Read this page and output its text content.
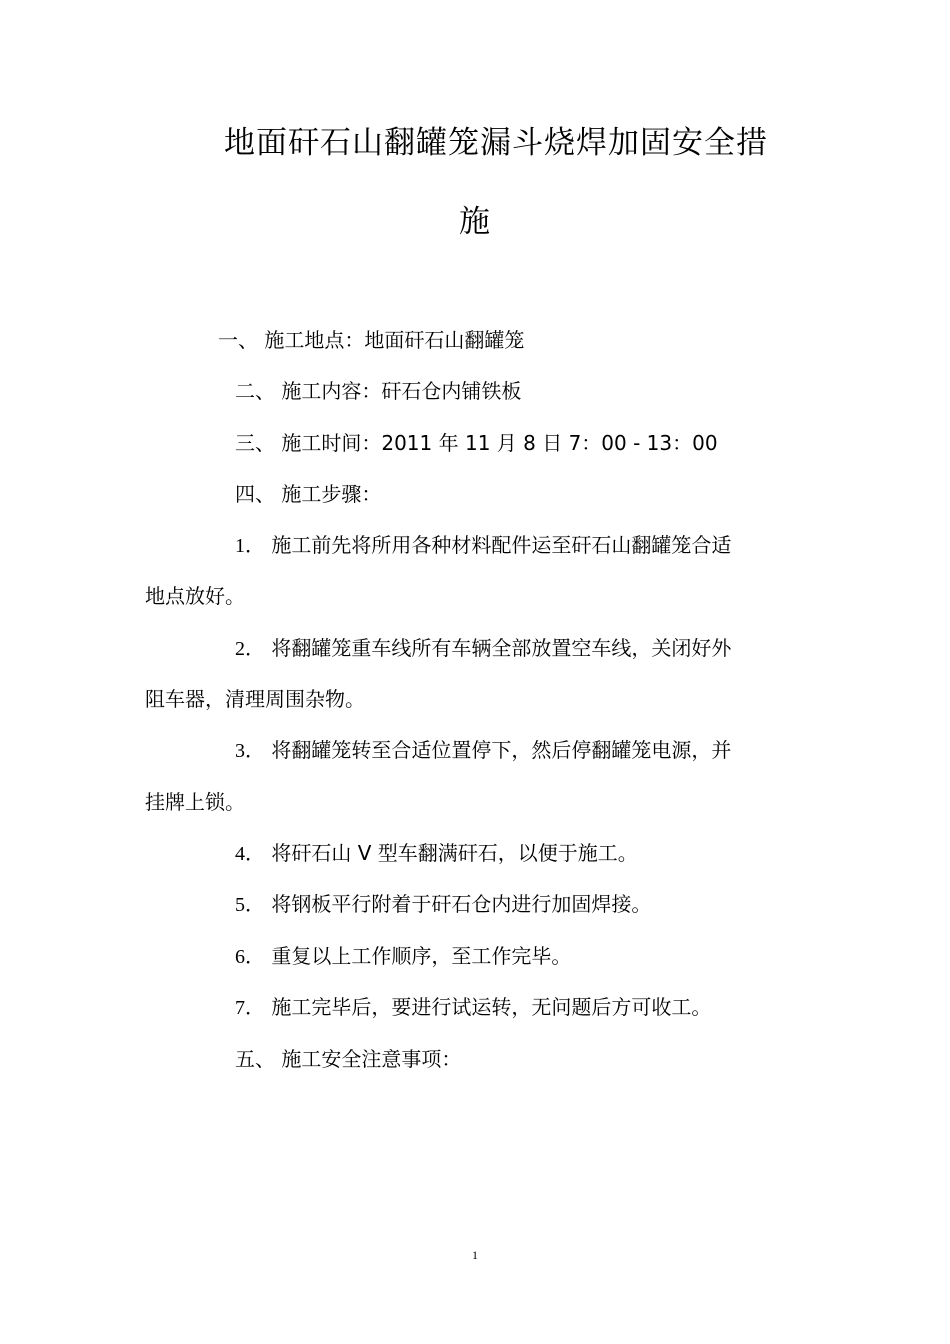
地面矸石山翻罐笼漏斗烧焊加固安全措
施
一、 施工地点：地面矸石山翻罐笼
二、 施工内容：矸石仓内铺铁板
三、 施工时间：2011 年 11 月 8 日 7：00 - 13：00
四、 施工步骤：
1． 施工前先将所用各种材料配件运至矸石山翻罐笼合适
地点放好。
2． 将翻罐笼重车线所有车辆全部放置空车线，关闭好外
阻车器，清理周围杂物。
3． 将翻罐笼转至合适位置停下，然后停翻罐笼电源，并
挂牌上锁。
4． 将矸石山 V 型车翻满矸石，以便于施工。
5． 将钢板平行附着于矸石仓内进行加固焊接。
6． 重复以上工作顺序，至工作完毕。
7． 施工完毕后，要进行试运转，无问题后方可收工。
五、 施工安全注意事项：
1
